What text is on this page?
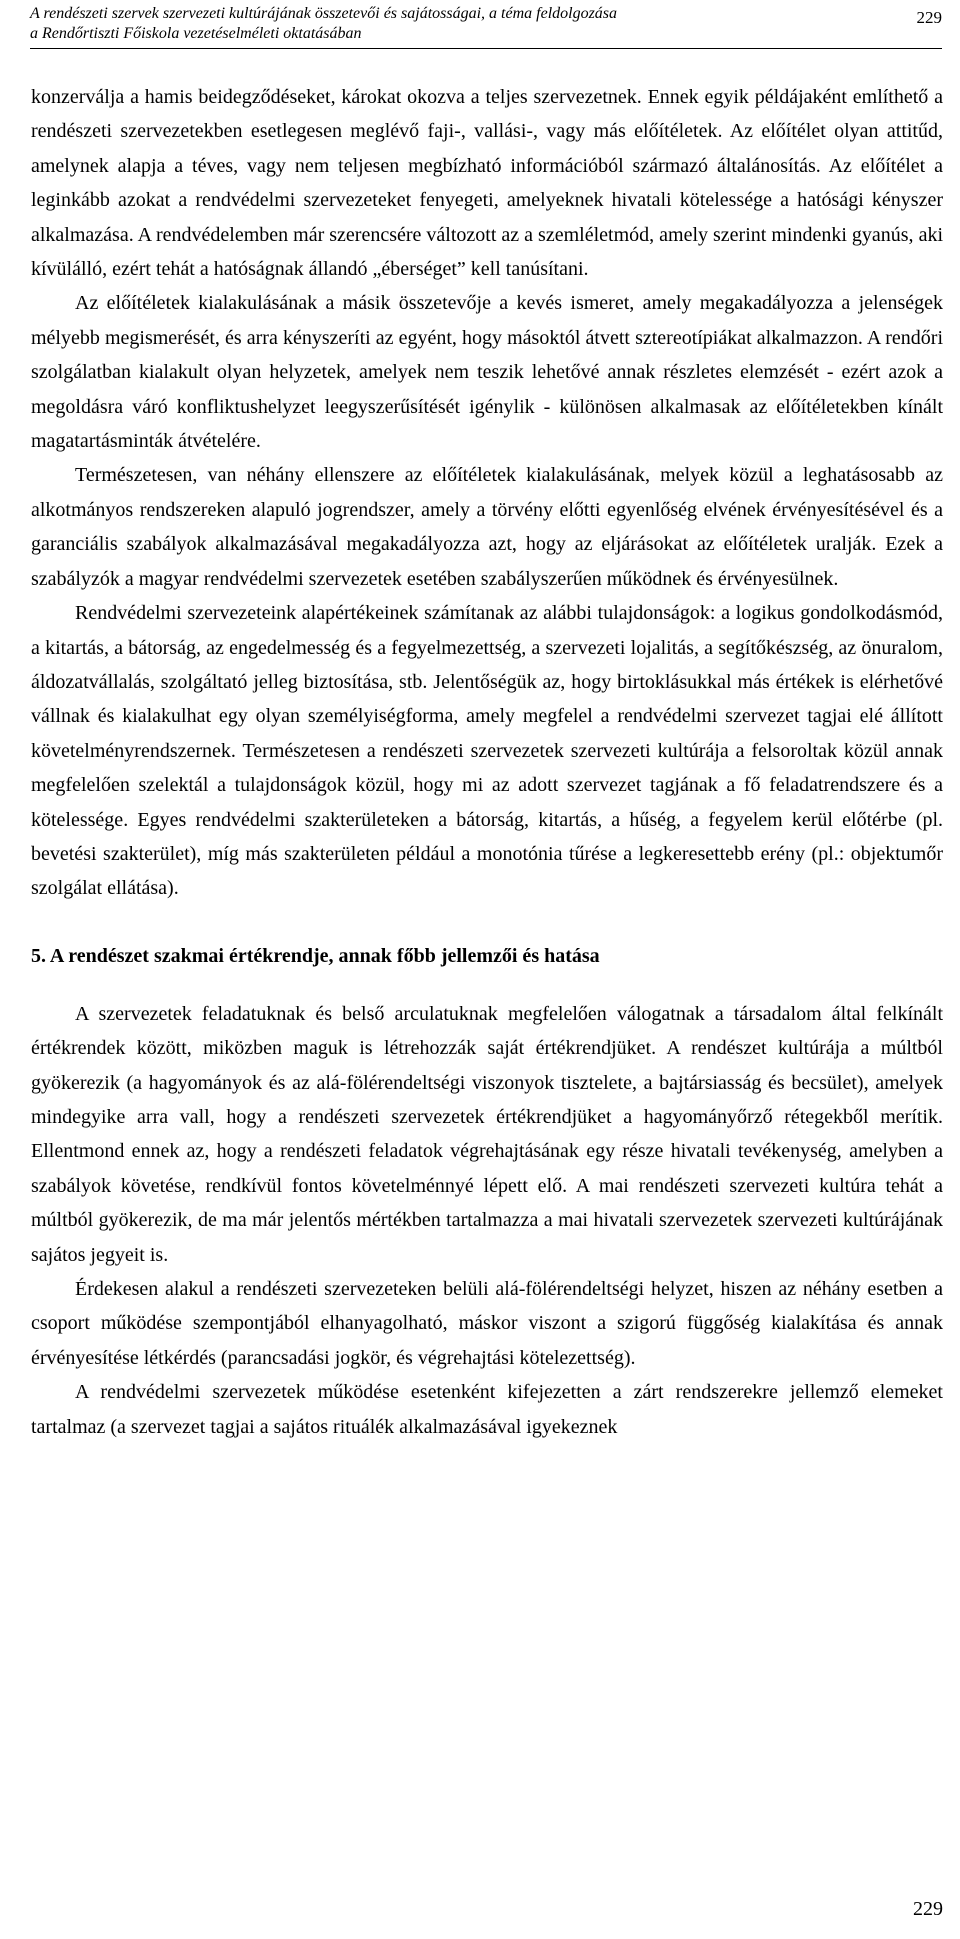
A rendészeti szervek szervezeti kultúrájának összetevői és sajátosságai, a téma feldolgozása
a Rendőrtiszti Főiskola vezetéselméleti oktatásában
229

konzerválja a hamis beidegződéseket, károkat okozva a teljes szervezetnek. Ennek egyik példájaként említhető a rendészeti szervezetekben esetlegesen meglévő faji-, vallási-, vagy más előítéletek. Az előítélet olyan attitűd, amelynek alapja a téves, vagy nem teljesen megbízható információból származó általánosítás. Az előítélet a leginkább azokat a rendvédelmi szervezeteket fenyegeti, amelyeknek hivatali kötelessége a hatósági kényszer alkalmazása. A rendvédelemben már szerencsére változott az a szemléletmód, amely szerint mindenki gyanús, aki kívülálló, ezért tehát a hatóságnak állandó „éberséget” kell tanúsítani.

Az előítéletek kialakulásának a másik összetevője a kevés ismeret, amely megakadályozza a jelenségek mélyebb megismerését, és arra kényszeríti az egyént, hogy másoktól átvett sztereotípiákat alkalmazzon. A rendőri szolgálatban kialakult olyan helyzetek, amelyek nem teszik lehetővé annak részletes elemzését - ezért azok a megoldásra váró konfliktushelyzet leegyszerűsítését igénylik - különösen alkalmasak az előítéletekben kínált magatartásminták átvételére.

Természetesen, van néhány ellenszere az előítéletek kialakulásának, melyek közül a leghatásosabb az alkotmányos rendszereken alapuló jogrendszer, amely a törvény előtti egyenlőség elvének érvényesítésével és a garanciális szabályok alkalmazásával megakadályozza azt, hogy az eljárásokat az előítéletek uralják. Ezek a szabályzók a magyar rendvédelmi szervezetek esetében szabályszerűen működnek és érvényesülnek.

Rendvédelmi szervezeteink alapértékeinek számítanak az alábbi tulajdonságok: a logikus gondolkodásmód, a kitartás, a bátorság, az engedelmesség és a fegyelmezettség, a szervezeti lojalitás, a segítőkészség, az önuralom, áldozatvállalás, szolgáltató jelleg biztosítása, stb. Jelentőségük az, hogy birtoklásukkal más értékek is elérhetővé vállnak és kialakulhat egy olyan személyiségforma, amely megfelel a rendvédelmi szervezet tagjai elé állított követelményrendszernek. Természetesen a rendészeti szervezetek szervezeti kultúrája a felsoroltak közül annak megfelelően szelektál a tulajdonságok közül, hogy mi az adott szervezet tagjának a fő feladatrendszere és a kötelessége. Egyes rendvédelmi szakterületeken a bátorság, kitartás, a hűség, a fegyelem kerül előtérbe (pl. bevetési szakterület), míg más szakterületen például a monotónia tűrése a legkeresettebb erény (pl.: objektumőr szolgálat ellátása).

5. A rendészet szakmai értékrendje, annak főbb jellemzői és hatása

A szervezetek feladatuknak és belső arculatuknak megfelelően válogatnak a társadalom által felkínált értékrendek között, miközben maguk is létrehozzák saját értékrendjüket. A rendészet kultúrája a múltból gyökerezik (a hagyományok és az alá-fölérendeltségi viszonyok tisztelete, a bajtársiasság és becsület), amelyek mindegyike arra vall, hogy a rendészeti szervezetek értékrendjüket a hagyományőrző rétegekből merítik. Ellentmond ennek az, hogy a rendészeti feladatok végrehajtásának egy része hivatali tevékenység, amelyben a szabályok követése, rendkívül fontos követelménnyé lépett elő. A mai rendészeti szervezeti kultúra tehát a múltból gyökerezik, de ma már jelentős mértékben tartalmazza a mai hivatali szervezetek szervezeti kultúrájának sajátos jegyeit is.

Érdekesen alakul a rendészeti szervezeteken belüli alá-fölérendeltségi helyzet, hiszen az néhány esetben a csoport működése szempontjából elhanyagolható, máskor viszont a szigorú függőség kialakítása és annak érvényesítése létkérdés (parancsadási jogkör, és végrehajtási kötelezettség).

A rendvédelmi szervezetek működése esetenként kifejezetten a zárt rendszerekre jellemző elemeket tartalmaz (a szervezet tagjai a sajátos rituálék alkalmazásával igyekeznek

229
